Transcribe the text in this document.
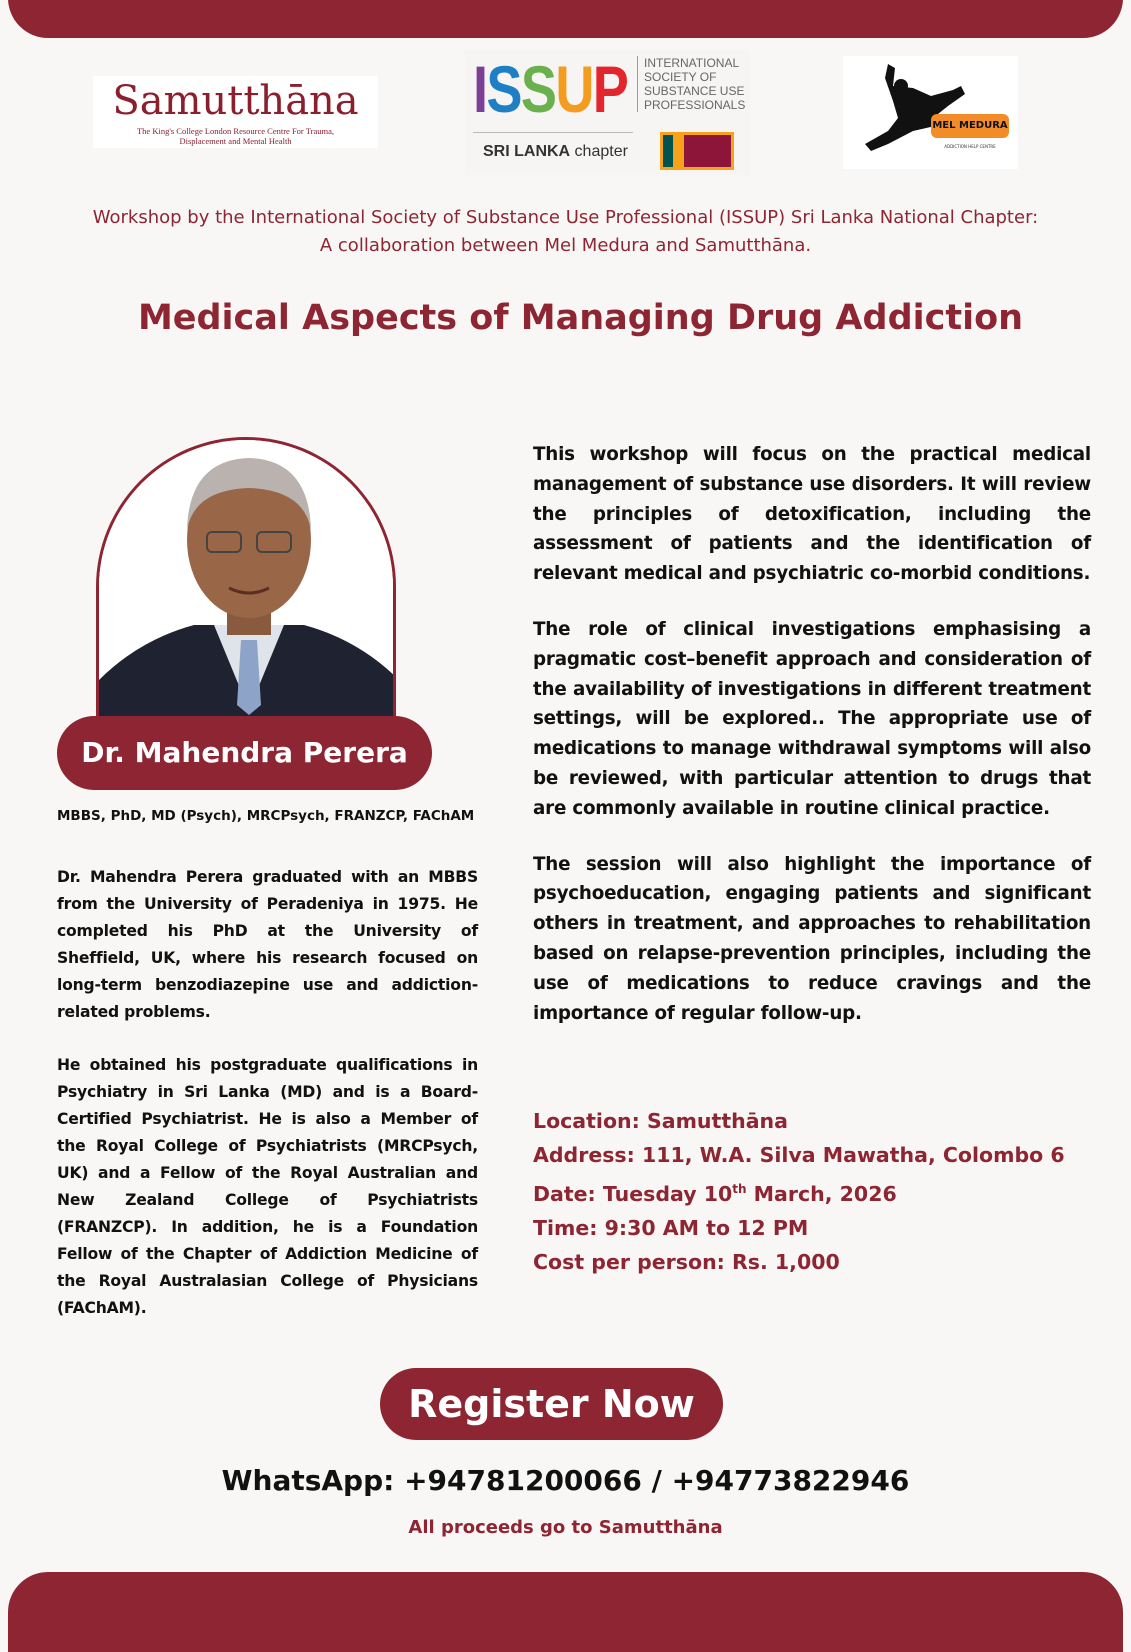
Samutthāna
The King's College London Resource Centre For Trauma,
Displacement and Mental Health
ISSUP	INTERNATIONAL SOCIETY OF SUBSTANCE USE PROFESSIONALS
SRI LANKA chapter
MEL MEDURA
ADDICTION HELP CENTRE
Workshop by the International Society of Substance Use Professional (ISSUP) Sri Lanka National Chapter:
A collaboration between Mel Medura and Samutthāna.
Medical Aspects of Managing Drug Addiction
Dr. Mahendra Perera
MBBS, PhD, MD (Psych), MRCPsych, FRANZCP, FAChAM

Dr. Mahendra Perera graduated with an MBBS from the University of Peradeniya in 1975. He completed his PhD at the University of Sheffield, UK, where his research focused on long-term benzodiazepine use and addiction-related problems.

He obtained his postgraduate qualifications in Psychiatry in Sri Lanka (MD) and is a Board-Certified Psychiatrist. He is also a Member of the Royal College of Psychiatrists (MRCPsych, UK) and a Fellow of the Royal Australian and New Zealand College of Psychiatrists (FRANZCP). In addition, he is a Foundation Fellow of the Chapter of Addiction Medicine of the Royal Australasian College of Physicians (FAChAM).

This workshop will focus on the practical medical management of substance use disorders. It will review the principles of detoxification, including the assessment of patients and the identification of relevant medical and psychiatric co-morbid conditions.

The role of clinical investigations emphasising a pragmatic cost–benefit approach and consideration of the availability of investigations in different treatment settings, will be explored.. The appropriate use of medications to manage withdrawal symptoms will also be reviewed, with particular attention to drugs that are commonly available in routine clinical practice.

The session will also highlight the importance of psychoeducation, engaging patients and significant others in treatment, and approaches to rehabilitation based on relapse-prevention principles, including the use of medications to reduce cravings and the importance of regular follow-up.

Location: Samutthāna
Address: 111, W.A. Silva Mawatha, Colombo 6
Date: Tuesday 10th March, 2026
Time: 9:30 AM to 12 PM
Cost per person: Rs. 1,000
Register Now
WhatsApp: +94781200066 / +94773822946
All proceeds go to Samutthāna
